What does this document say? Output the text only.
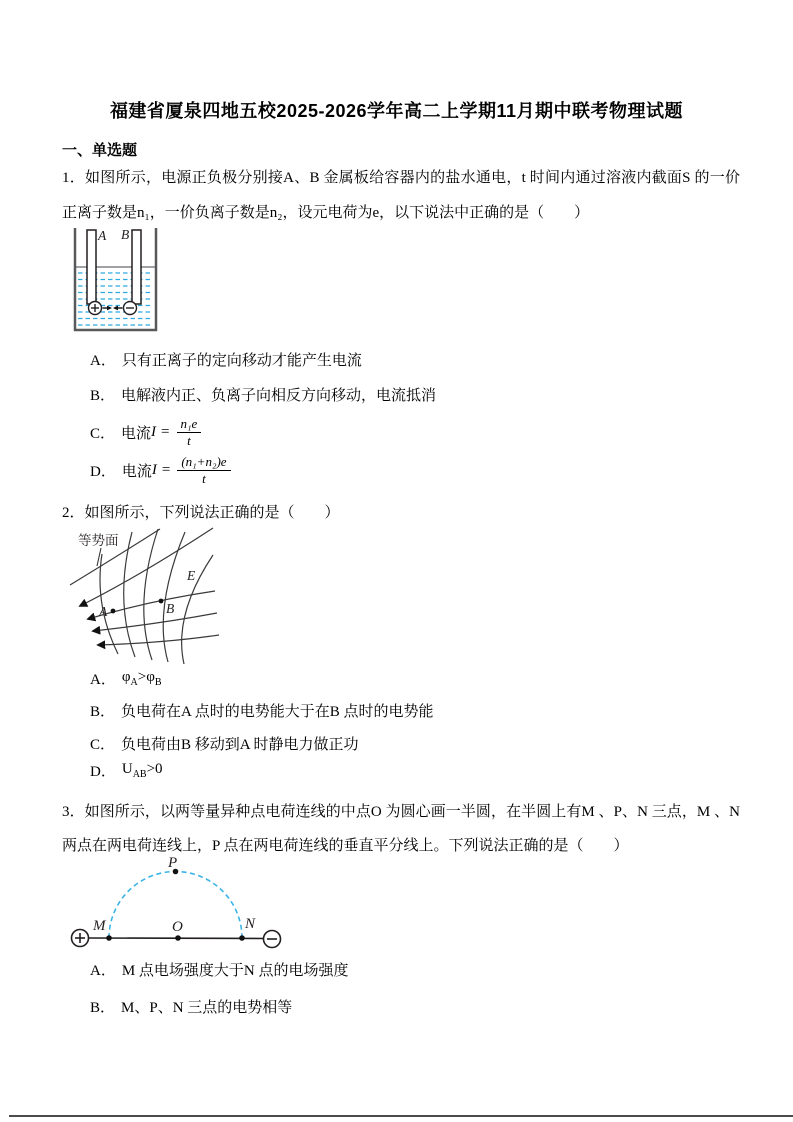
福建省厦泉四地五校2025-2026学年高二上学期11月期中联考物理试题
一、单选题
1．如图所示，电源正负极分别接A、B 金属板给容器内的盐水通电，t 时间内通过溶液内截面S 的一价正离子数是n₁，一价负离子数是n₂，设元电荷为e，以下说法中正确的是（　　）
A B
A． 只有正离子的定向移动才能产生电流
B． 电解液内正、负离子向相反方向移动，电流抵消
C． 电流 $I = \frac{\text{n₁e}}{t}$
D． 电流 $I = \frac{\text{(n₁+n₂)e}}{t}$
2．如图所示，下列说法正确的是（　　）
等势面
E
A	B
A． $\varphi_A>\varphi_B$
B． 负电荷在A 点时的电势能大于在B 点时的电势能
C． 负电荷由B 移动到A 时静电力做正功
D． $U_{AB}>0$
3．如图所示，以两等量异种点电荷连线的中点O 为圆心画一半圆，在半圆上有M 、P、N 三点，M 、N 两点在两电荷连线上，P 点在两电荷连线的垂直平分线上。下列说法正确的是（　　）
M	O	N
P
A． M 点电场强度大于N 点的电场强度
B． M、P、N 三点的电势相等
